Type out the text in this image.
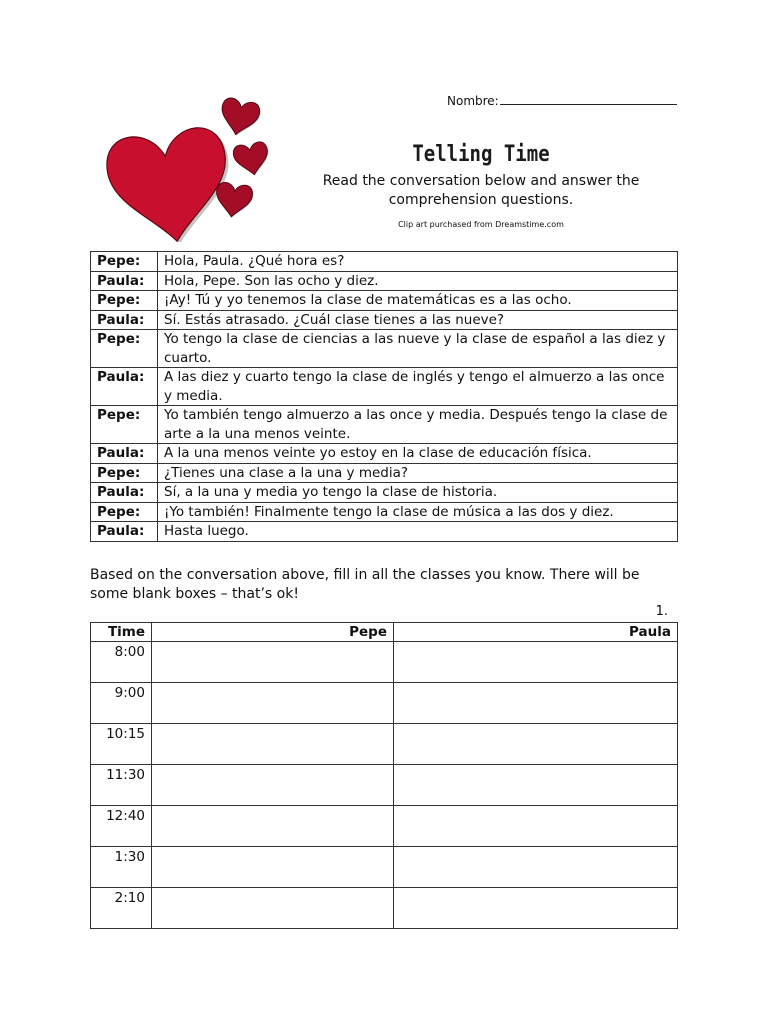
Nombre:
Telling Time
Read the conversation below and answer the comprehension questions.
Clip art purchased from Dreamstime.com
Pepe:	Hola, Paula. ¿Qué hora es?
Paula:	Hola, Pepe. Son las ocho y diez.
Pepe:	¡Ay! Tú y yo tenemos la clase de matemáticas es a las ocho.
Paula:	Sí. Estás atrasado. ¿Cuál clase tienes a las nueve?
Pepe:	Yo tengo la clase de ciencias a las nueve y la clase de español a las diez y cuarto.
Paula:	A las diez y cuarto tengo la clase de inglés y tengo el almuerzo a las once y media.
Pepe:	Yo también tengo almuerzo a las once y media. Después tengo la clase de arte a la una menos veinte.
Paula:	A la una menos veinte yo estoy en la clase de educación física.
Pepe:	¿Tienes una clase a la una y media?
Paula:	Sí, a la una y media yo tengo la clase de historia.
Pepe:	¡Yo también! Finalmente tengo la clase de música a las dos y diez.
Paula:	Hasta luego.
Based on the conversation above, fill in all the classes you know. There will be some blank boxes – that’s ok!
1.
Time	Pepe	Paula
8:00		
9:00		
10:15		
11:30		
12:40		
1:30		
2:10		
